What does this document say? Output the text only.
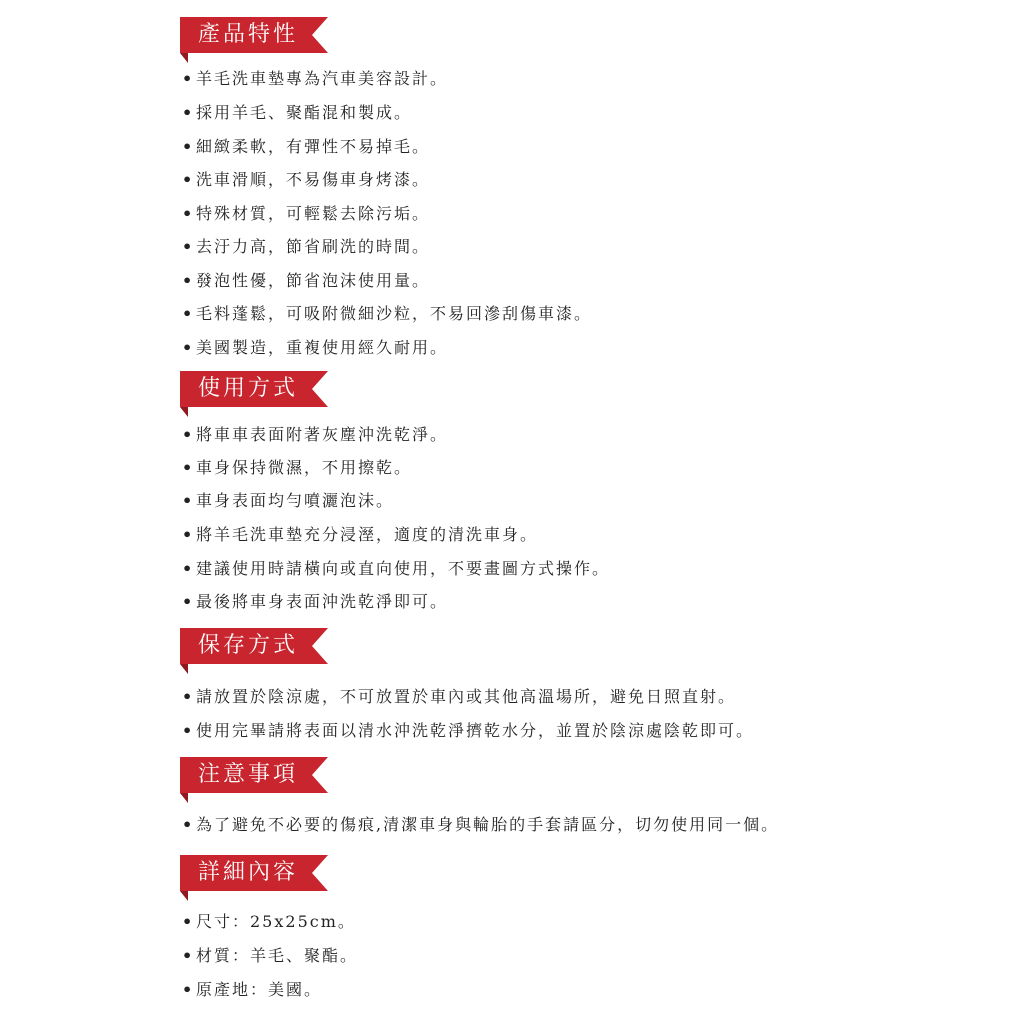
產品特性
• 羊毛洗車墊專為汽車美容設計。
• 採用羊毛、聚酯混和製成。
• 細緻柔軟，有彈性不易掉毛。
• 洗車滑順，不易傷車身烤漆。
• 特殊材質，可輕鬆去除污垢。
• 去汙力高，節省刷洗的時間。
• 發泡性優，節省泡沫使用量。
• 毛料蓬鬆，可吸附微細沙粒，不易回滲刮傷車漆。
• 美國製造，重複使用經久耐用。
使用方式
• 將車車表面附著灰塵沖洗乾淨。
• 車身保持微濕，不用擦乾。
• 車身表面均勻噴灑泡沫。
• 將羊毛洗車墊充分浸溼，適度的清洗車身。
• 建議使用時請橫向或直向使用，不要畫圖方式操作。
• 最後將車身表面沖洗乾淨即可。
保存方式
• 請放置於陰涼處，不可放置於車內或其他高溫場所，避免日照直射。
• 使用完畢請將表面以清水沖洗乾淨擠乾水分，並置於陰涼處陰乾即可。
注意事項
• 為了避免不必要的傷痕,清潔車身與輪胎的手套請區分，切勿使用同一個。
詳細內容
• 尺寸：25x25cm。
• 材質：羊毛、聚酯。
• 原產地：美國。
